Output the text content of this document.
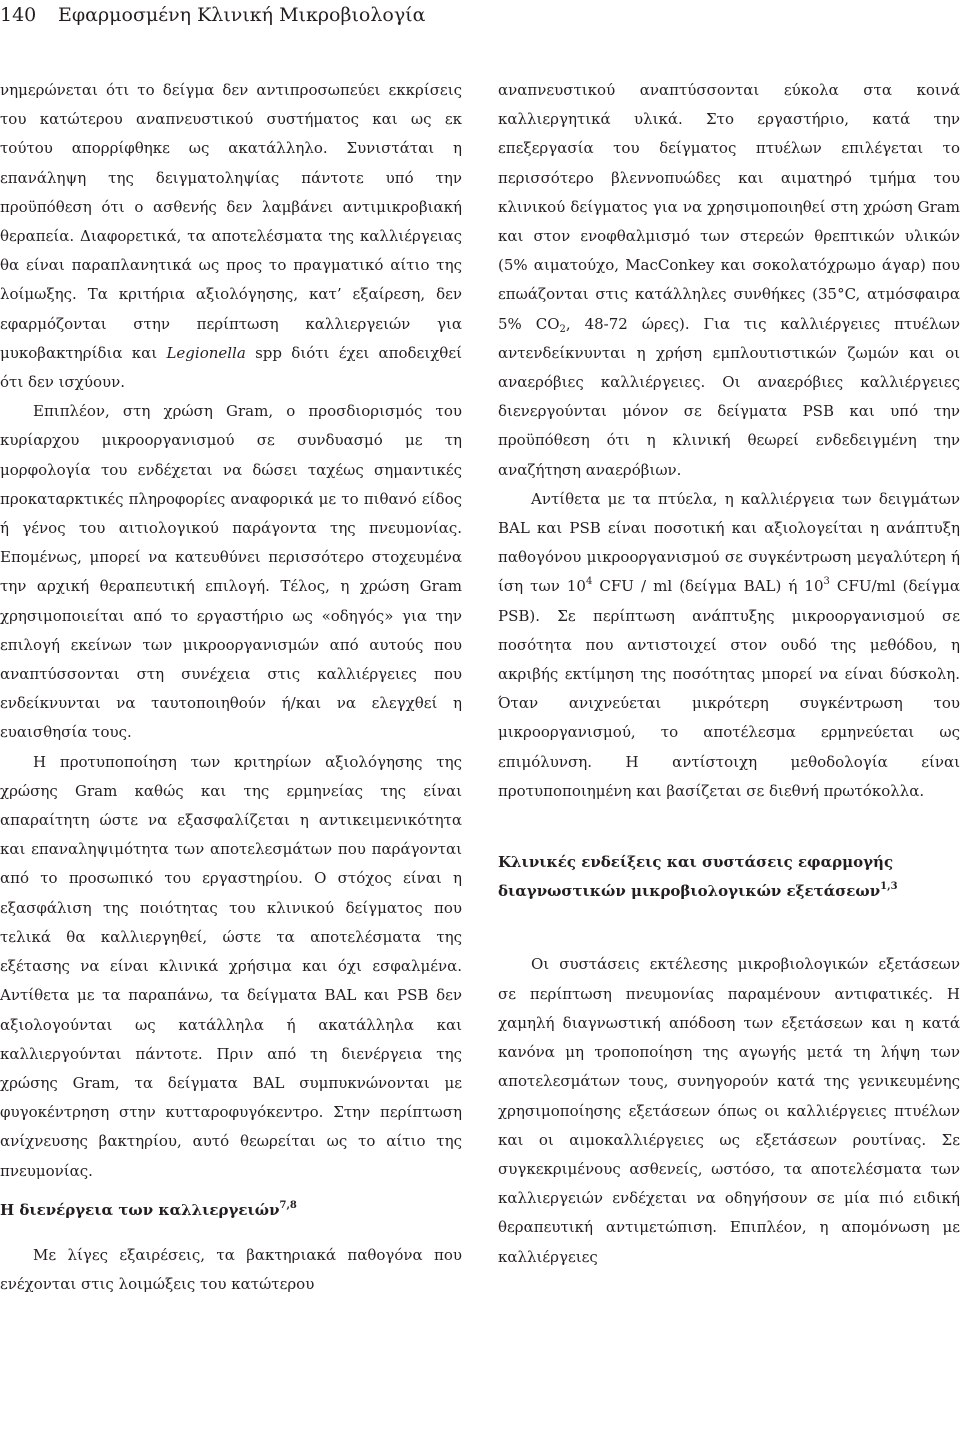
140 Εφαρμοσμένη Κλινική Μικροβιολογία

νημερώνεται ότι το δείγμα δεν αντιπροσωπεύει εκκρίσεις του κατώτερου αναπνευστικού συστήματος και ως εκ τούτου απορρίφθηκε ως ακατάλληλο. Συνιστάται η επανάληψη της δειγματοληψίας πάντοτε υπό την προϋπόθεση ότι ο ασθενής δεν λαμβάνει αντιμικροβιακή θεραπεία. Διαφορετικά, τα αποτελέσματα της καλλιέργειας θα είναι παραπλανητικά ως προς το πραγματικό αίτιο της λοίμωξης. Τα κριτήρια αξιολόγησης, κατ’ εξαίρεση, δεν εφαρμόζονται στην περίπτωση καλλιεργειών για μυκοβακτηρίδια και Legionella spp διότι έχει αποδειχθεί ότι δεν ισχύουν.

Επιπλέον, στη χρώση Gram, ο προσδιορισμός του κυρίαρχου μικροοργανισμού σε συνδυασμό με τη μορφολογία του ενδέχεται να δώσει ταχέως σημαντικές προκαταρκτικές πληροφορίες αναφορικά με το πιθανό είδος ή γένος του αιτιολογικού παράγοντα της πνευμονίας. Επομένως, μπορεί να κατευθύνει περισσότερο στοχευμένα την αρχική θεραπευτική επιλογή. Τέλος, η χρώση Gram χρησιμοποιείται από το εργαστήριο ως «οδηγός» για την επιλογή εκείνων των μικροοργανισμών από αυτούς που αναπτύσσονται στη συνέχεια στις καλλιέργειες που ενδείκνυνται να ταυτοποιηθούν ή/και να ελεγχθεί η ευαισθησία τους.

Η προτυποποίηση των κριτηρίων αξιολόγησης της χρώσης Gram καθώς και της ερμηνείας της είναι απαραίτητη ώστε να εξασφαλίζεται η αντικειμενικότητα και επαναληψιμότητα των αποτελεσμάτων που παράγονται από το προσωπικό του εργαστηρίου. Ο στόχος είναι η εξασφάλιση της ποιότητας του κλινικού δείγματος που τελικά θα καλλιεργηθεί, ώστε τα αποτελέσματα της εξέτασης να είναι κλινικά χρήσιμα και όχι εσφαλμένα. Αντίθετα με τα παραπάνω, τα δείγματα BAL και PSB δεν αξιολογούνται ως κατάλληλα ή ακατάλληλα και καλλιεργούνται πάντοτε. Πριν από τη διενέργεια της χρώσης Gram, τα δείγματα BAL συμπυκνώνονται με φυγοκέντρηση στην κυτταροφυγόκεντρο. Στην περίπτωση ανίχνευσης βακτηρίου, αυτό θεωρείται ως το αίτιο της πνευμονίας.

Η διενέργεια των καλλιεργειών$^{7,8}$

Με λίγες εξαιρέσεις, τα βακτηριακά παθογόνα που ενέχονται στις λοιμώξεις του κατώτερου

αναπνευστικού αναπτύσσονται εύκολα στα κοινά καλλιεργητικά υλικά. Στο εργαστήριο, κατά την επεξεργασία του δείγματος πτυέλων επιλέγεται το περισσότερο βλεννοπυώδες και αιματηρό τμήμα του κλινικού δείγματος για να χρησιμοποιηθεί στη χρώση Gram και στον ενοφθαλμισμό των στερεών θρεπτικών υλικών (5% αιματούχο, MacConkey και σοκολατόχρωμο άγαρ) που επωάζονται στις κατάλληλες συνθήκες (35°C, ατμόσφαιρα 5% $CO_2$, 48-72 ώρες). Για τις καλλιέργειες πτυέλων αντενδείκνυνται η χρήση εμπλουτιστικών ζωμών και οι αναερόβιες καλλιέργειες. Οι αναερόβιες καλλιέργειες διενεργούνται μόνον σε δείγματα PSB και υπό την προϋπόθεση ότι η κλινική θεωρεί ενδεδειγμένη την αναζήτηση αναερόβιων.

Αντίθετα με τα πτύελα, η καλλιέργεια των δειγμάτων BAL και PSB είναι ποσοτική και αξιολογείται η ανάπτυξη παθογόνου μικροοργανισμού σε συγκέντρωση μεγαλύτερη ή ίση των $10^4$ CFU / ml (δείγμα BAL) ή $10^3$ CFU/ml (δείγμα PSB). Σε περίπτωση ανάπτυξης μικροοργανισμού σε ποσότητα που αντιστοιχεί στον ουδό της μεθόδου, η ακριβής εκτίμηση της ποσότητας μπορεί να είναι δύσκολη. Όταν ανιχνεύεται μικρότερη συγκέντρωση του μικροοργανισμού, το αποτέλεσμα ερμηνεύεται ως επιμόλυνση. Η αντίστοιχη μεθοδολογία είναι προτυποποιημένη και βασίζεται σε διεθνή πρωτόκολλα.

Κλινικές ενδείξεις και συστάσεις εφαρμογής διαγνωστικών μικροβιολογικών εξετάσεων$^{1,3}$

Οι συστάσεις εκτέλεσης μικροβιολογικών εξετάσεων σε περίπτωση πνευμονίας παραμένουν αντιφατικές. Η χαμηλή διαγνωστική απόδοση των εξετάσεων και η κατά κανόνα μη τροποποίηση της αγωγής μετά τη λήψη των αποτελεσμάτων τους, συνηγορούν κατά της γενικευμένης χρησιμοποίησης εξετάσεων όπως οι καλλιέργειες πτυέλων και οι αιμοκαλλιέργειες ως εξετάσεων ρουτίνας. Σε συγκεκριμένους ασθενείς, ωστόσο, τα αποτελέσματα των καλλιεργειών ενδέχεται να οδηγήσουν σε μία πιό ειδική θεραπευτική αντιμετώπιση. Επιπλέον, η απομόνωση με καλλιέργειες
